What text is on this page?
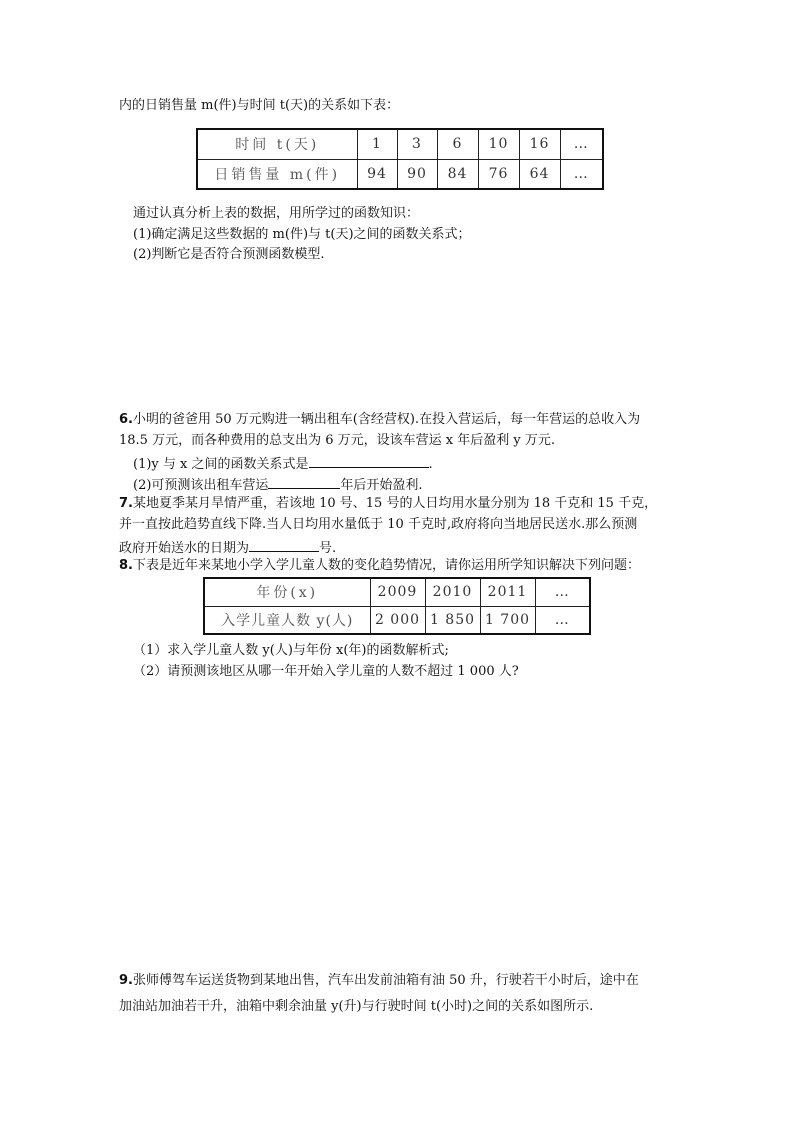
内的日销售量 m(件)与时间 t(天)的关系如下表：
时间 t(天)	1	3	6	10	16	…
日销售量 m(件)	94	90	84	76	64	…
通过认真分析上表的数据，用所学过的函数知识：
(1)确定满足这些数据的 m(件)与 t(天)之间的函数关系式；
(2)判断它是否符合预测函数模型.
6.小明的爸爸用 50 万元购进一辆出租车(含经营权).在投入营运后，每一年营运的总收入为
18.5 万元，而各种费用的总支出为 6 万元，设该车营运 x 年后盈利 y 万元.
(1)y 与 x 之间的函数关系式是	.
(2)可预测该出租车营运	年后开始盈利.
7.某地夏季某月旱情严重，若该地 10 号、15 号的人日均用水量分别为 18 千克和 15 千克，
并一直按此趋势直线下降.当人日均用水量低于 10 千克时,政府将向当地居民送水.那么预测
政府开始送水的日期为	号.
8.下表是近年来某地小学入学儿童人数的变化趋势情况，请你运用所学知识解决下列问题：
年份(x)	2009	2010	2011	…
入学儿童人数 y(人)	2 000	1 850	1 700	…
（1）求入学儿童人数 y(人)与年份 x(年)的函数解析式;
（2）请预测该地区从哪一年开始入学儿童的人数不超过 1 000 人?
9.张师傅驾车运送货物到某地出售，汽车出发前油箱有油 50 升，行驶若干小时后，途中在
加油站加油若干升，油箱中剩余油量 y(升)与行驶时间 t(小时)之间的关系如图所示.
